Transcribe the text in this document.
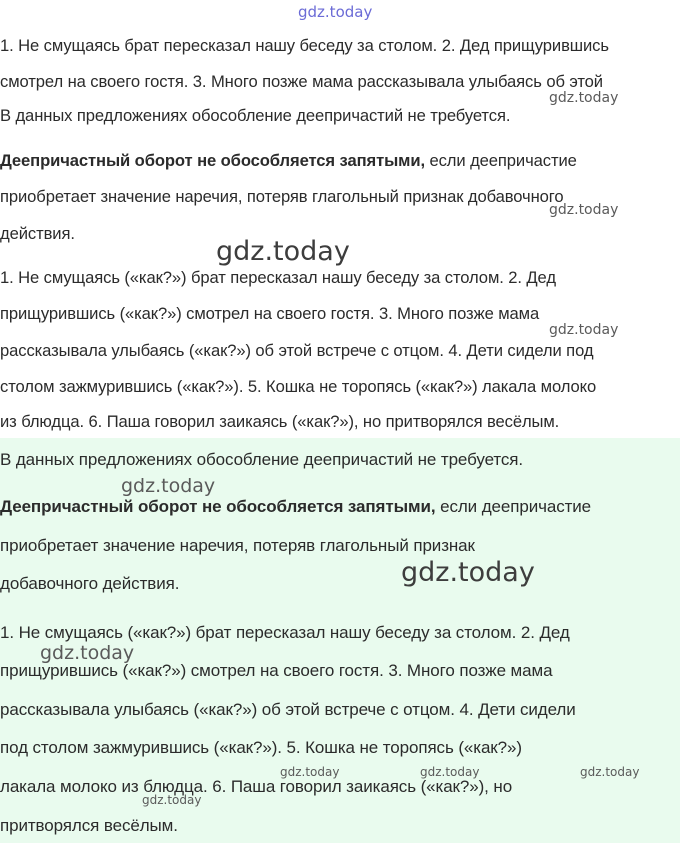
gdz.today
1. Не смущаясь брат пересказал нашу беседу за столом. 2. Дед прищурившись
смотрел на своего гостя. 3. Много позже мама рассказывала улыбаясь об этой
gdz.today
В данных предложениях обособление деепричастий не требуется.
Деепричастный оборот не обособляется запятыми, если деепричастие
приобретает значение наречия, потеряв глагольный признак добавочного
gdz.today
действия.
gdz.today
1. Не смущаясь («как?») брат пересказал нашу беседу за столом. 2. Дед
прищурившись («как?») смотрел на своего гостя. 3. Много позже мама
gdz.today
рассказывала улыбаясь («как?») об этой встрече с отцом. 4. Дети сидели под
столом зажмурившись («как?»). 5. Кошка не торопясь («как?») лакала молоко
из блюдца. 6. Паша говорил заикаясь («как?»), но притворялся весёлым.
В данных предложениях обособление деепричастий не требуется.
gdz.today
Деепричастный оборот не обособляется запятыми, если деепричастие
приобретает значение наречия, потеряв глагольный признак
gdz.today
добавочного действия.
1. Не смущаясь («как?») брат пересказал нашу беседу за столом. 2. Дед
gdz.today
прищурившись («как?») смотрел на своего гостя. 3. Много позже мама
рассказывала улыбаясь («как?») об этой встрече с отцом. 4. Дети сидели
под столом зажмурившись («как?»). 5. Кошка не торопясь («как?»)
gdz.today	gdz.today	gdz.today
лакала молоко из блюдца. 6. Паша говорил заикаясь («как?»), но
gdz.today
притворялся весёлым.
